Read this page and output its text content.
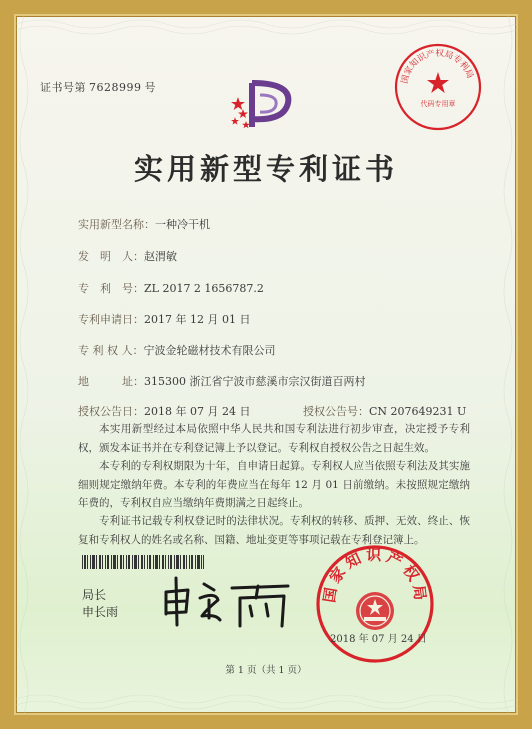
证书号第 7628999 号
国家知识产权局专利局
代码专用章
实用新型专利证书
实用新型名称：一种冷干机
发　明　人：赵渭敏
专　利　号：ZL 2017 2 1656787.2
专利申请日：2017 年 12 月 01 日
专 利 权 人：宁波金轮磁材技术有限公司
地　　　址：315300 浙江省宁波市慈溪市宗汉街道百两村
授权公告日：2018 年 07 月 24 日	授权公告号：CN 207649231 U
本实用新型经过本局依照中华人民共和国专利法进行初步审查，决定授予专利权，颁发本证书并在专利登记簿上予以登记。专利权自授权公告之日起生效。
本专利的专利权期限为十年，自申请日起算。专利权人应当依照专利法及其实施细则规定缴纳年费。本专利的年费应当在每年 12 月 01 日前缴纳。未按照规定缴纳年费的，专利权自应当缴纳年费期满之日起终止。
专利证书记载专利权登记时的法律状况。专利权的转移、质押、无效、终止、恢复和专利权人的姓名或名称、国籍、地址变更等事项记载在专利登记簿上。
局长
申长雨
国家知识产权局
2018 年 07 月 24 日
第 1 页（共 1 页）
